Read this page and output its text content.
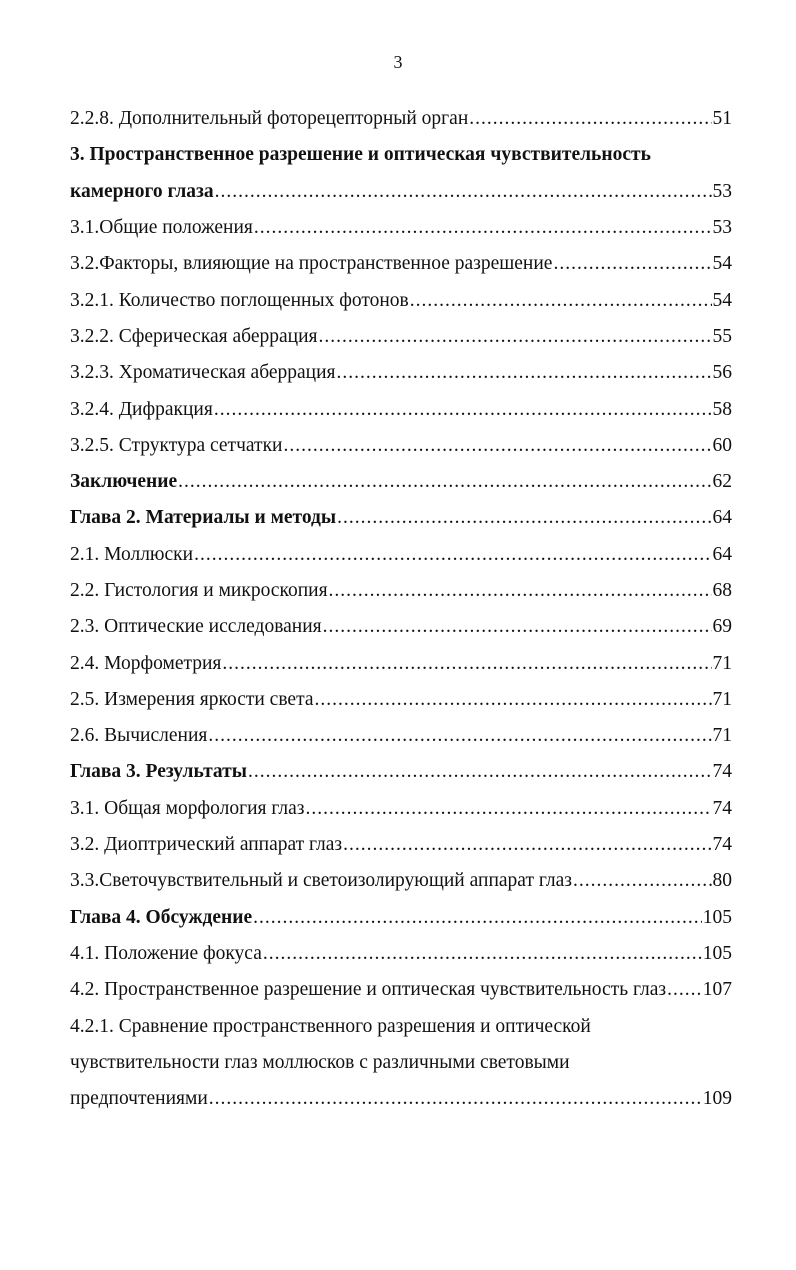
3
2.2.8. Дополнительный фоторецепторный орган .....	51
3. Пространственное разрешение и оптическая чувствительность
камерного глаза .....	53
3.1. Общие положения .....	53
3.2. Факторы, влияющие на пространственное разрешение .....	54
3.2.1. Количество поглощенных фотонов .....	54
3.2.2. Сферическая аберрация .....	55
3.2.3. Хроматическая аберрация .....	56
3.2.4. Дифракция .....	58
3.2.5. Структура сетчатки .....	60
Заключение .....	62
Глава 2. Материалы и методы .....	64
2.1. Моллюски .....	64
2.2. Гистология и микроскопия .....	68
2.3. Оптические исследования .....	69
2.4. Морфометрия .....	71
2.5. Измерения яркости света .....	71
2.6. Вычисления .....	71
Глава 3. Результаты .....	74
3.1. Общая морфология глаз .....	74
3.2. Диоптрический аппарат глаз .....	74
3.3. Светочувствительный и светоизолирующий аппарат глаз .....	80
Глава 4. Обсуждение .....	105
4.1. Положение фокуса .....	105
4.2. Пространственное разрешение и оптическая чувствительность глаз ..... 107
4.2.1. Сравнение пространственного разрешения и оптической
чувствительности глаз моллюсков с различными световыми
предпочтениями .....	109
